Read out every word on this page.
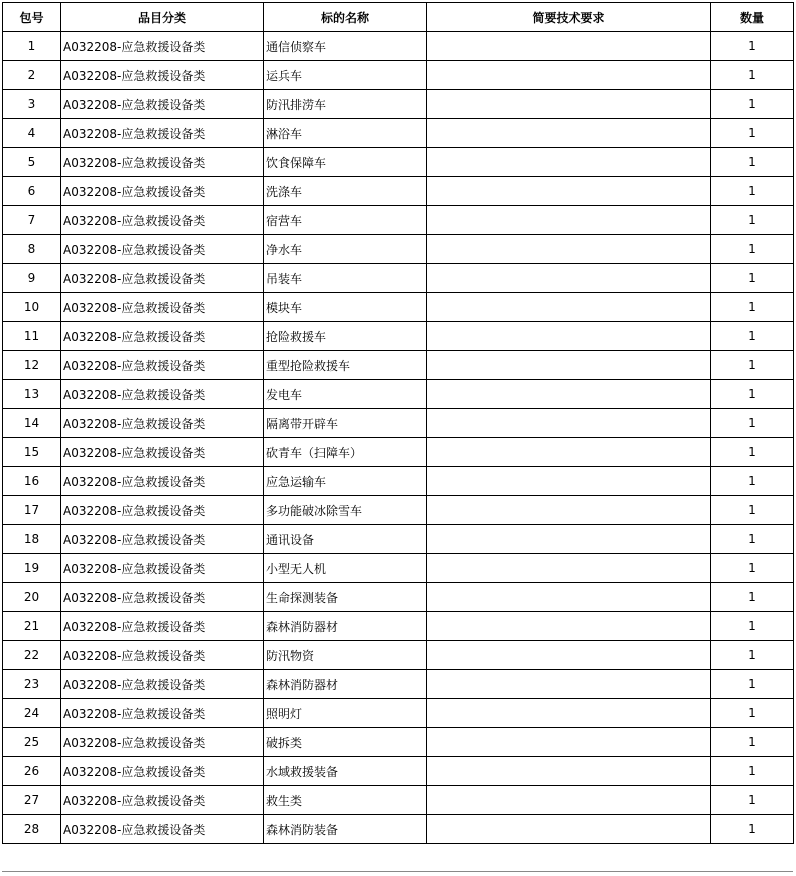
包号	品目分类	标的名称	简要技术要求	数量
1	A032208-应急救援设备类	通信侦察车		1
2	A032208-应急救援设备类	运兵车		1
3	A032208-应急救援设备类	防汛排涝车		1
4	A032208-应急救援设备类	淋浴车		1
5	A032208-应急救援设备类	饮食保障车		1
6	A032208-应急救援设备类	洗涤车		1
7	A032208-应急救援设备类	宿营车		1
8	A032208-应急救援设备类	净水车		1
9	A032208-应急救援设备类	吊装车		1
10	A032208-应急救援设备类	模块车		1
11	A032208-应急救援设备类	抢险救援车		1
12	A032208-应急救援设备类	重型抢险救援车		1
13	A032208-应急救援设备类	发电车		1
14	A032208-应急救援设备类	隔离带开辟车		1
15	A032208-应急救援设备类	砍青车（扫障车）		1
16	A032208-应急救援设备类	应急运输车		1
17	A032208-应急救援设备类	多功能破冰除雪车		1
18	A032208-应急救援设备类	通讯设备		1
19	A032208-应急救援设备类	小型无人机		1
20	A032208-应急救援设备类	生命探测装备		1
21	A032208-应急救援设备类	森林消防器材		1
22	A032208-应急救援设备类	防汛物资		1
23	A032208-应急救援设备类	森林消防器材		1
24	A032208-应急救援设备类	照明灯		1
25	A032208-应急救援设备类	破拆类		1
26	A032208-应急救援设备类	水域救援装备		1
27	A032208-应急救援设备类	救生类		1
28	A032208-应急救援设备类	森林消防装备		1
